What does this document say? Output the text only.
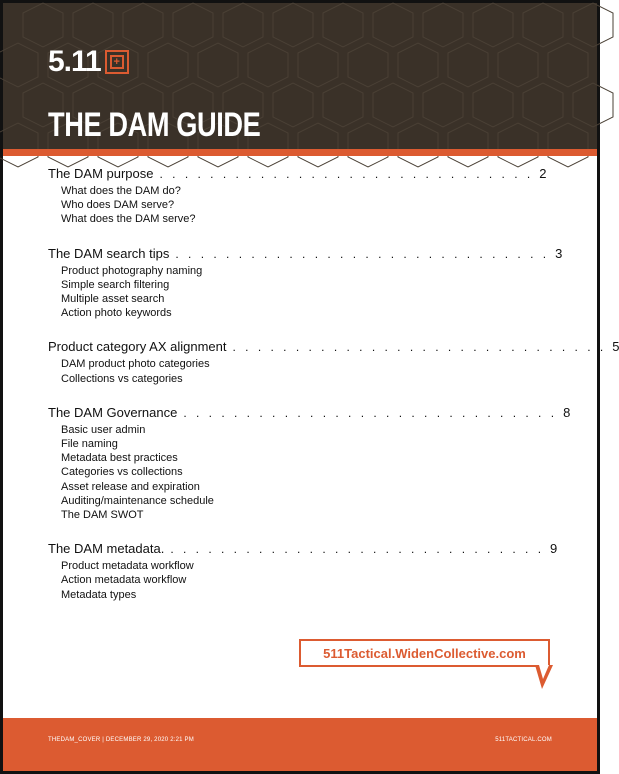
5.11	+
THE DAM GUIDE
The DAM purpose . . . . . . . . . . . . . . . . . . . . . . . . . . . . . . 2
What does the DAM do?
Who does DAM serve?
What does the DAM serve?
The DAM search tips . . . . . . . . . . . . . . . . . . . . . . . . . . . . . . 3
Product photography naming
Simple search filtering
Multiple asset search
Action photo keywords
Product category AX alignment . . . . . . . . . . . . . . . . . . . . . . . . . . . . . . 5
DAM product photo categories
Collections vs categories
The DAM Governance . . . . . . . . . . . . . . . . . . . . . . . . . . . . . . 8
Basic user admin
File naming
Metadata best practices
Categories vs collections
Asset release and expiration
Auditing/maintenance schedule
The DAM SWOT
The DAM metadata. . . . . . . . . . . . . . . . . . . . . . . . . . . . . . . 9
Product metadata workflow
Action metadata workflow
Metadata types
511Tactical.WidenCollective.com
THEDAM_COVER | DECEMBER 29, 2020 2:21 PM	511TACTICAL.COM
